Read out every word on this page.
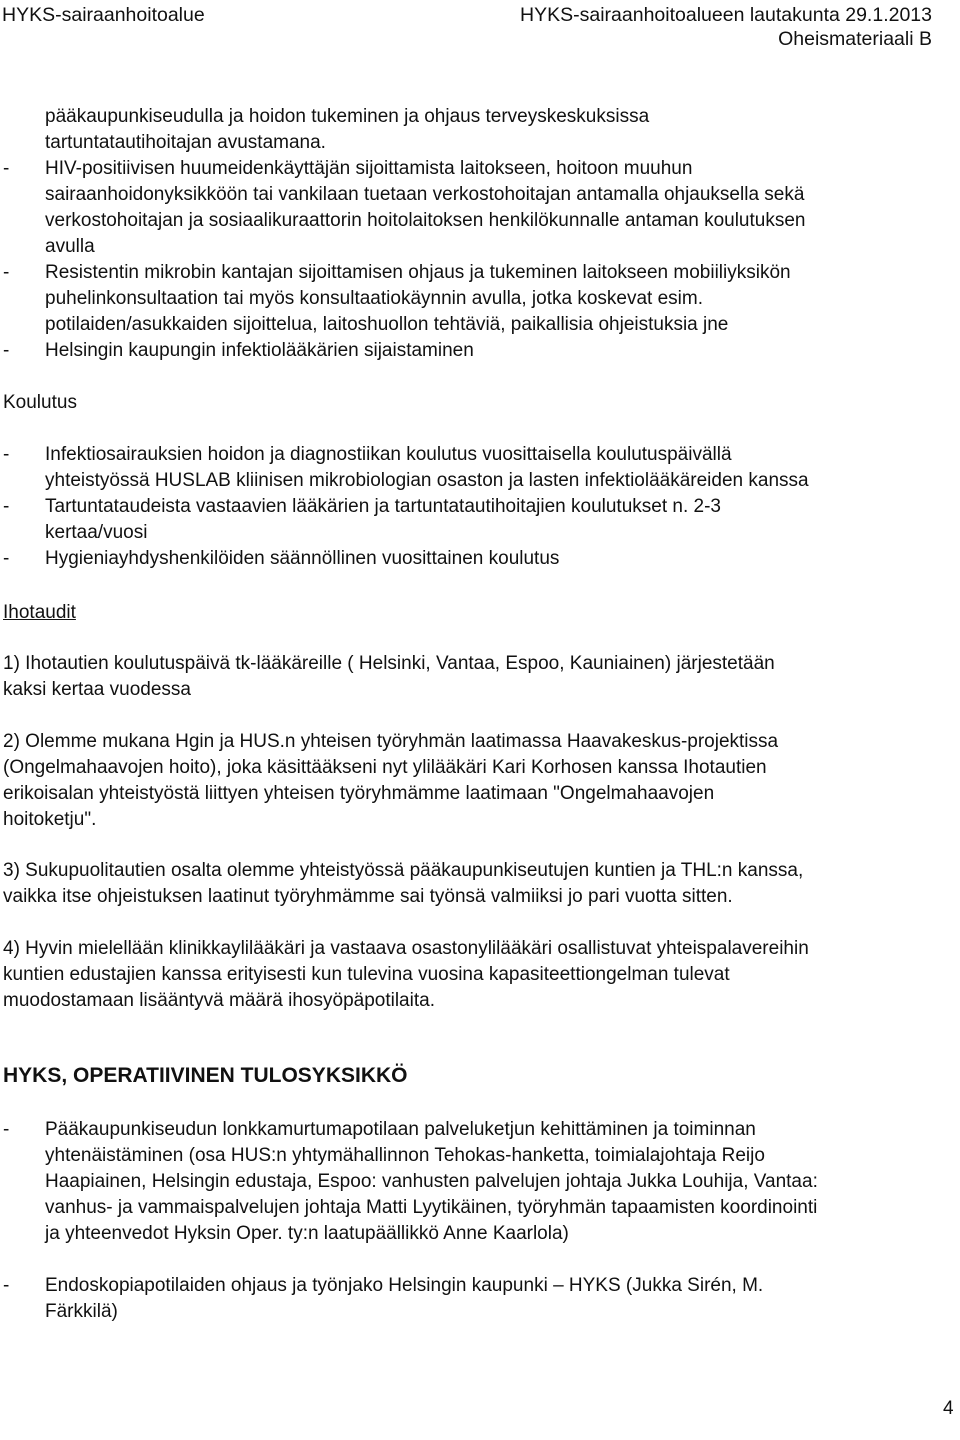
HYKS-sairaanhoitoalue	HYKS-sairaanhoitoalueen lautakunta 29.1.2013
Oheismateriaali B
pääkaupunkiseudulla ja hoidon tukeminen ja ohjaus terveyskeskuksissa
tartuntatautihoitajan avustamana.
- HIV-positiivisen huumeidenkäyttäjän sijoittamista laitokseen, hoitoon muuhun
sairaanhoidonyksikköön tai vankilaan tuetaan verkostohoitajan antamalla ohjauksella sekä
verkostohoitajan ja sosiaalikuraattorin hoitolaitoksen henkilökunnalle antaman koulutuksen
avulla
- Resistentin mikrobin kantajan sijoittamisen ohjaus ja tukeminen laitokseen mobiiliyksikön
puhelinkonsultaation tai myös konsultaatiokäynnin avulla, jotka koskevat esim.
potilaiden/asukkaiden sijoittelua, laitoshuollon tehtäviä, paikallisia ohjeistuksia jne
- Helsingin kaupungin infektiolääkärien sijaistaminen
Koulutus
- Infektiosairauksien hoidon ja diagnostiikan koulutus vuosittaisella koulutuspäivällä
yhteistyössä HUSLAB kliinisen mikrobiologian osaston ja lasten infektiolääkäreiden kanssa
- Tartuntataudeista vastaavien lääkärien ja tartuntatautihoitajien koulutukset n. 2-3
kertaa/vuosi
- Hygieniayhdyshenkilöiden säännöllinen vuosittainen koulutus
Ihotaudit
1) Ihotautien koulutuspäivä tk-lääkäreille ( Helsinki, Vantaa, Espoo, Kauniainen) järjestetään
kaksi kertaa vuodessa
2) Olemme mukana Hgin ja HUS.n yhteisen työryhmän laatimassa Haavakeskus-projektissa
(Ongelmahaavojen hoito), joka käsittääkseni nyt ylilääkäri Kari Korhosen kanssa Ihotautien
erikoisalan yhteistyöstä liittyen yhteisen työryhmämme laatimaan "Ongelmahaavojen
hoitoketju".
3) Sukupuolitautien osalta olemme yhteistyössä pääkaupunkiseutujen kuntien ja THL:n kanssa,
vaikka itse ohjeistuksen laatinut työryhmämme sai työnsä valmiiksi jo pari vuotta sitten.
4) Hyvin mielellään klinikkaylilääkäri ja vastaava osastonylilääkäri osallistuvat yhteispalavereihin
kuntien edustajien kanssa erityisesti kun tulevina vuosina kapasiteettiongelman tulevat
muodostamaan lisääntyvä määrä ihosyöpäpotilaita.
HYKS, OPERATIIVINEN TULOSYKSIKKÖ
- Pääkaupunkiseudun lonkkamurtumapotilaan palveluketjun kehittäminen ja toiminnan
yhtenäistäminen (osa HUS:n yhtymähallinnon Tehokas-hanketta, toimialajohtaja Reijo
Haapiainen, Helsingin edustaja, Espoo: vanhusten palvelujen johtaja Jukka Louhija, Vantaa:
vanhus- ja vammaispalvelujen johtaja Matti Lyytikäinen, työryhmän tapaamisten koordinointi
ja yhteenvedot Hyksin Oper. ty:n laatupäällikkö Anne Kaarlola)
- Endoskopiapotilaiden ohjaus ja työnjako Helsingin kaupunki – HYKS (Jukka Sirén, M.
Färkkilä)
4
